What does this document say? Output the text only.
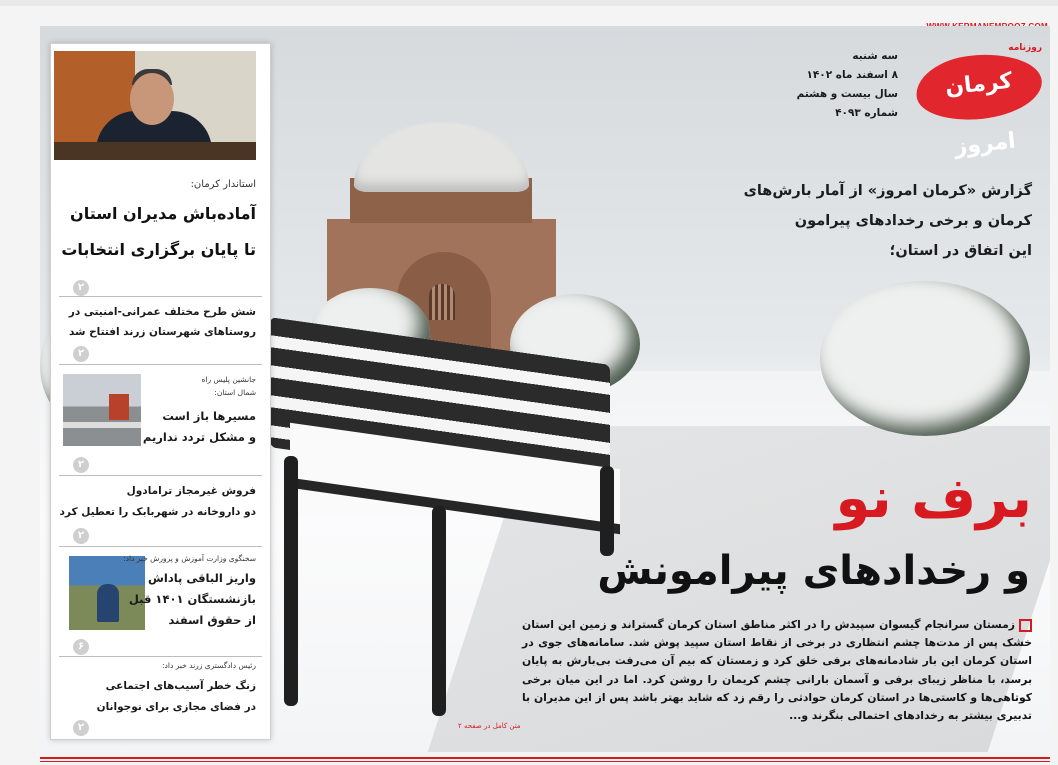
استاندار کرمان:
آماده‌باش مدیران استان
تا پایان برگزاری انتخابات
۲
شش طرح مختلف عمرانی-امنیتی در
روستاهای شهرستان زرند افتتاح شد
۲
جانشین پلیس راه
شمال استان:
مسیرها باز است
و مشکل تردد نداریم
۲
فروش غیرمجاز ترامادول
دو داروخانه در شهربابک را تعطیل کرد
۲
سخنگوی وزارت آموزش و پرورش خبر داد:
واریز الباقی پاداش
بازنشستگان ۱۴۰۱ قبل
از حقوق اسفند
۶
رئیس دادگستری زرند خبر داد:
زنگ خطر آسیب‌های اجتماعی
در فضای مجازی برای نوجوانان
۲
روزنامه
کرمان امروز
سه شنبه
۸ اسفند ماه ۱۴۰۲
سال بیست و هشتم
شماره ۴۰۹۳
گزارش «کرمان امروز» از آمار بارش‌های
کرمان و برخی رخدادهای پیرامون
این اتفاق در استان؛
برف نو
و رخدادهای پیرامونش
زمستان سرانجام گیسوان سپیدش را در اکثر مناطق استان کرمان گستراند و زمین این استان خشک پس از مدت‌ها چشم انتظاری در برخی از نقاط استان سپید پوش شد. سامانه‌های جوی در استان کرمان این بار شادمانه‌های برفی خلق کرد و زمستان که بیم آن می‌رفت بی‌بارش به پایان برسد، با مناظر زیبای برفی و آسمان بارانی چشم کریمان را روشن کرد. اما در این میان برخی کوتاهی‌ها و کاستی‌ها در استان کرمان حوادثی را رقم زد که شاید بهتر باشد پس از این مدیران با تدبیری بیشتر به رخدادهای احتمالی بنگرند و...
متن کامل در صفحه ۲
